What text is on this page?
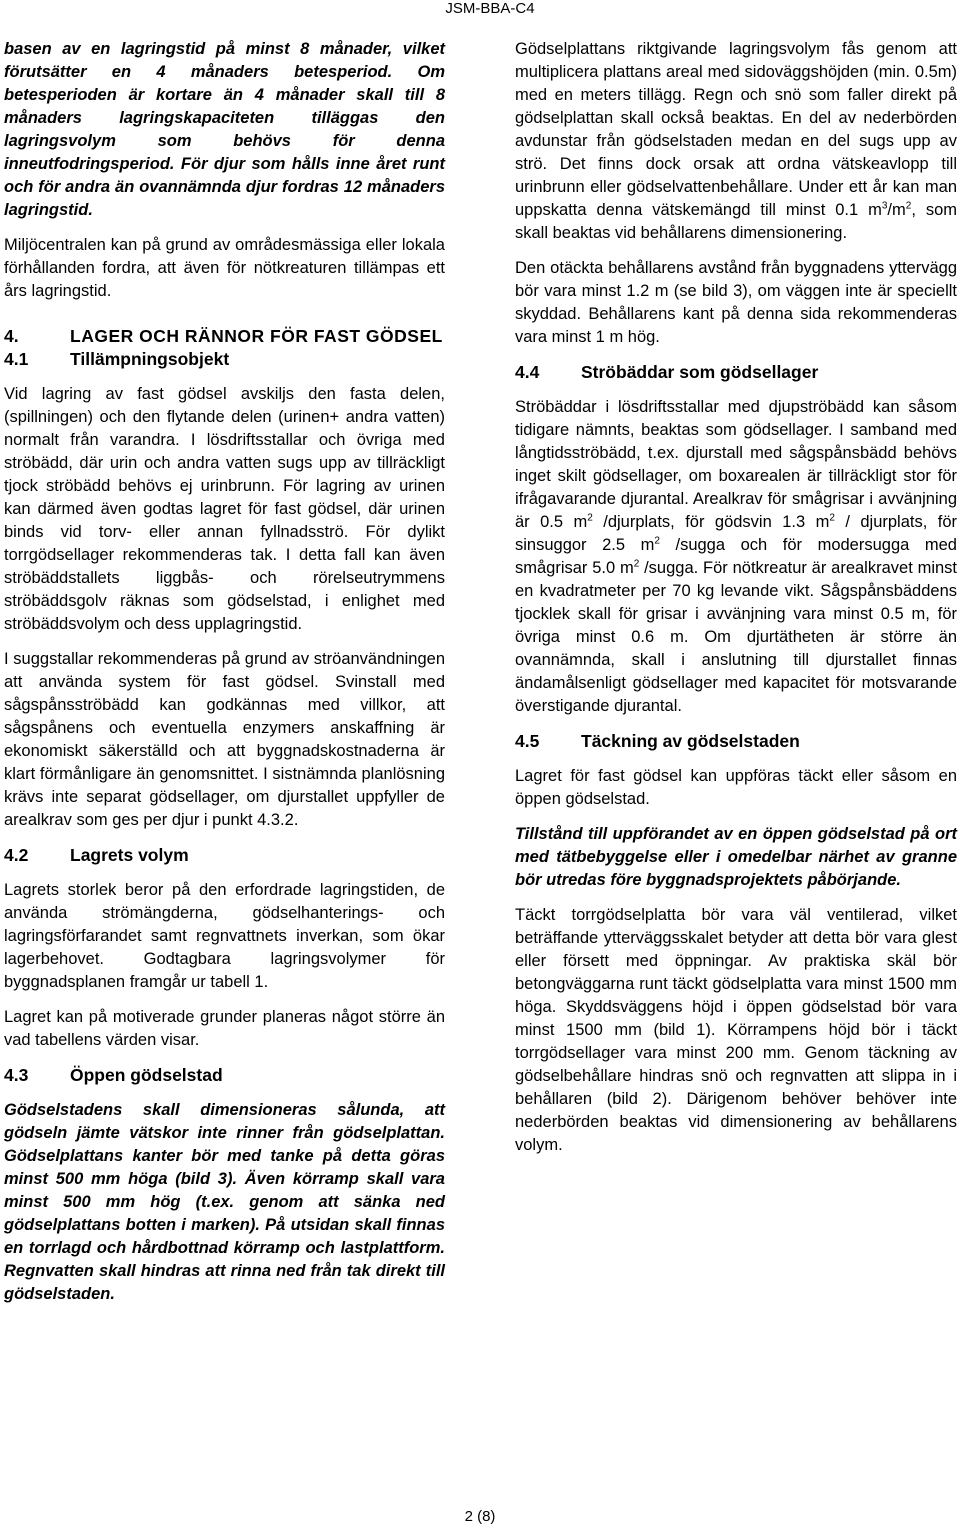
JSM-BBA-C4

basen av en lagringstid på minst 8 månader, vilket förutsätter en 4 månaders betesperiod. Om betesperioden är kortare än 4 månader skall till 8 månaders lagringskapaciteten tilläggas den lagringsvolym som behövs för denna inneutfodringsperiod. För djur som hålls inne året runt och för andra än ovannämnda djur fordras 12 månaders lagringstid.

Miljöcentralen kan på grund av områdesmässiga eller lokala förhållanden fordra, att även för nötkreaturen tillämpas ett års lagringstid.

4.	LAGER OCH RÄNNOR FÖR FAST GÖDSEL
4.1	Tillämpningsobjekt

Vid lagring av fast gödsel avskiljs den fasta delen, (spillningen) och den flytande delen (urinen+ andra vatten) normalt från varandra. I lösdriftsstallar och övriga med ströbädd, där urin och andra vatten sugs upp av tillräckligt tjock ströbädd behövs ej urinbrunn. För lagring av urinen kan därmed även godtas lagret för fast gödsel, där urinen binds vid torv- eller annan fyllnadsströ. För dylikt torrgödsellager rekommenderas tak. I detta fall kan även ströbäddstallets liggbås- och rörelseutrymmens ströbäddsgolv räknas som gödselstad, i enlighet med ströbäddsvolym och dess upplagringstid.

I suggstallar rekommenderas på grund av ströanvändningen att använda system för fast gödsel. Svinstall med sågspånsströbädd kan godkännas med villkor, att sågspånens och eventuella enzymers anskaffning är ekonomiskt säkerställd och att byggnadskostnaderna är klart förmånligare än genomsnittet. I sistnämnda planlösning krävs inte separat gödsellager, om djurstallet uppfyller de arealkrav som ges per djur i punkt 4.3.2.

4.2	Lagrets volym

Lagrets storlek beror på den erfordrade lagringstiden, de använda strömängderna, gödselhanterings- och lagringsförfarandet samt regnvattnets inverkan, som ökar lagerbehovet. Godtagbara lagringsvolymer för byggnadsplanen framgår ur tabell 1.

Lagret kan på motiverade grunder planeras något större än vad tabellens värden visar.

4.3	Öppen gödselstad

Gödselstadens skall dimensioneras sålunda, att gödseln jämte vätskor inte rinner från gödselplattan. Gödselplattans kanter bör med tanke på detta göras minst 500 mm höga (bild 3). Även körramp skall vara minst 500 mm hög (t.ex. genom att sänka ned gödselplattans botten i marken). På utsidan skall finnas en torrlagd och hårdbottnad körramp och lastplattform. Regnvatten skall hindras att rinna ned från tak direkt till gödselstaden.

Gödselplattans riktgivande lagringsvolym fås genom att multiplicera plattans areal med sidoväggshöjden (min. 0.5m) med en meters tillägg. Regn och snö som faller direkt på gödselplattan skall också beaktas. En del av nederbörden avdunstar från gödselstaden medan en del sugs upp av strö. Det finns dock orsak att ordna vätskeavlopp till urinbrunn eller gödselvattenbehållare. Under ett år kan man uppskatta denna vätskemängd till minst 0.1 $m^3/m^2$, som skall beaktas vid behållarens dimensionering.

Den otäckta behållarens avstånd från byggnadens yttervägg bör vara minst 1.2 m (se bild 3), om väggen inte är speciellt skyddad. Behållarens kant på denna sida rekommenderas vara minst 1 m hög.

4.4	Ströbäddar som gödsellager

Ströbäddar i lösdriftsstallar med djupströbädd kan såsom tidigare nämnts, beaktas som gödsellager. I samband med långtidsströbädd, t.ex. djurstall med sågspånsbädd behövs inget skilt gödsellager, om boxarealen är tillräckligt stor för ifrågavarande djurantal. Arealkrav för smågrisar i avvänjning är 0.5 $m^2$ /djurplats, för gödsvin 1.3 $m^2$ / djurplats, för sinsuggor 2.5 $m^2$ /sugga och för modersugga med smågrisar 5.0 $m^2$ /sugga. För nötkreatur är arealkravet minst en kvadratmeter per 70 kg levande vikt. Sågspånsbäddens tjocklek skall för grisar i avvänjning vara minst 0.5 m, för övriga minst 0.6 m. Om djurtätheten är större än ovannämnda, skall i anslutning till djurstallet finnas ändamålsenligt gödsellager med kapacitet för motsvarande överstigande djurantal.

4.5	Täckning av gödselstaden

Lagret för fast gödsel kan uppföras täckt eller såsom en öppen gödselstad.

Tillstånd till uppförandet av en öppen gödselstad på ort med tätbebyggelse eller i omedelbar närhet av granne bör utredas före byggnadsprojektets påbörjande.

Täckt torrgödselplatta bör vara väl ventilerad, vilket beträffande ytterväggsskalet betyder att detta bör vara glest eller försett med öppningar. Av praktiska skäl bör betongväggarna runt täckt gödselplatta vara minst 1500 mm höga. Skyddsväggens höjd i öppen gödselstad bör vara minst 1500 mm (bild 1). Körrampens höjd bör i täckt torrgödsellager vara minst 200 mm. Genom täckning av gödselbehållare hindras snö och regnvatten att slippa in i behållaren (bild 2). Därigenom behöver behöver inte nederbörden beaktas vid dimensionering av behållarens volym.

2 (8)
